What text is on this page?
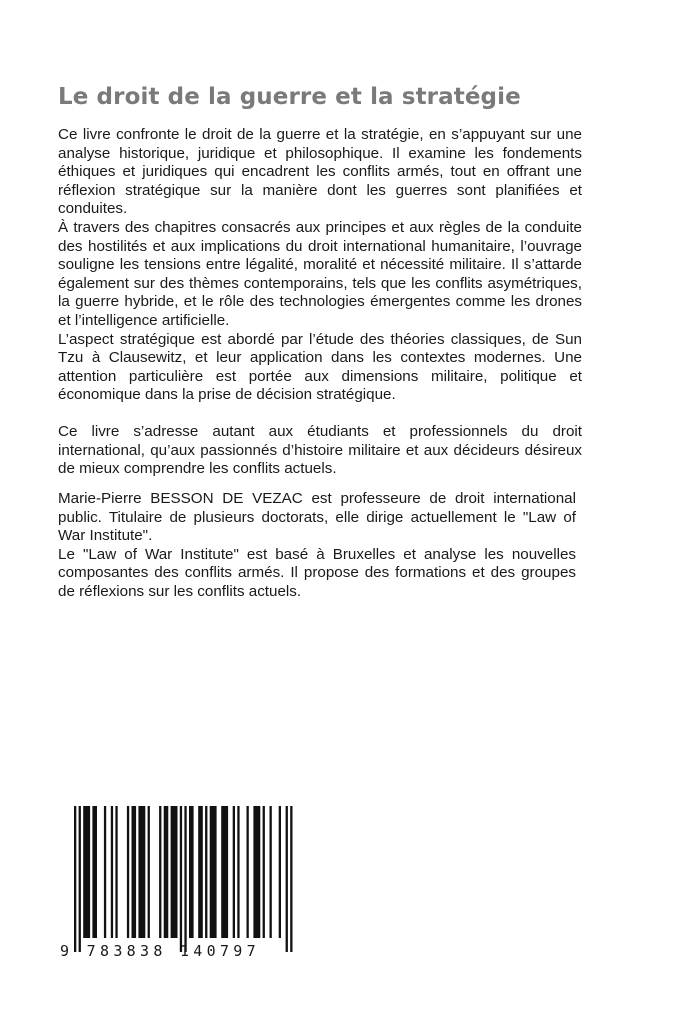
Le droit de la guerre et la stratégie

Ce livre confronte le droit de la guerre et la stratégie, en s’appuyant sur une analyse historique, juridique et philosophique. Il examine les fondements éthiques et juridiques qui encadrent les conflits armés, tout en offrant une réflexion stratégique sur la manière dont les guerres sont planifiées et conduites.

À travers des chapitres consacrés aux principes et aux règles de la conduite des hostilités et aux implications du droit international humanitaire, l’ouvrage souligne les tensions entre légalité, moralité et nécessité militaire. Il s’attarde également sur des thèmes contemporains, tels que les conflits asymétriques, la guerre hybride, et le rôle des technologies émergentes comme les drones et l’intelligence artificielle.

L’aspect stratégique est abordé par l’étude des théories classiques, de Sun Tzu à Clausewitz, et leur application dans les contextes modernes. Une attention particulière est portée aux dimensions militaire, politique et économique dans la prise de décision stratégique.

Ce livre s’adresse autant aux étudiants et professionnels du droit international, qu’aux passionnés d’histoire militaire et aux décideurs désireux de mieux comprendre les conflits actuels.

Marie-Pierre BESSON DE VEZAC est professeure de droit international public. Titulaire de plusieurs doctorats, elle dirige actuellement le "Law of War Institute".

Le "Law of War Institute" est basé à Bruxelles et analyse les nouvelles composantes des conflits armés. Il propose des formations et des groupes de réflexions sur les conflits actuels.

9 783838 140797
